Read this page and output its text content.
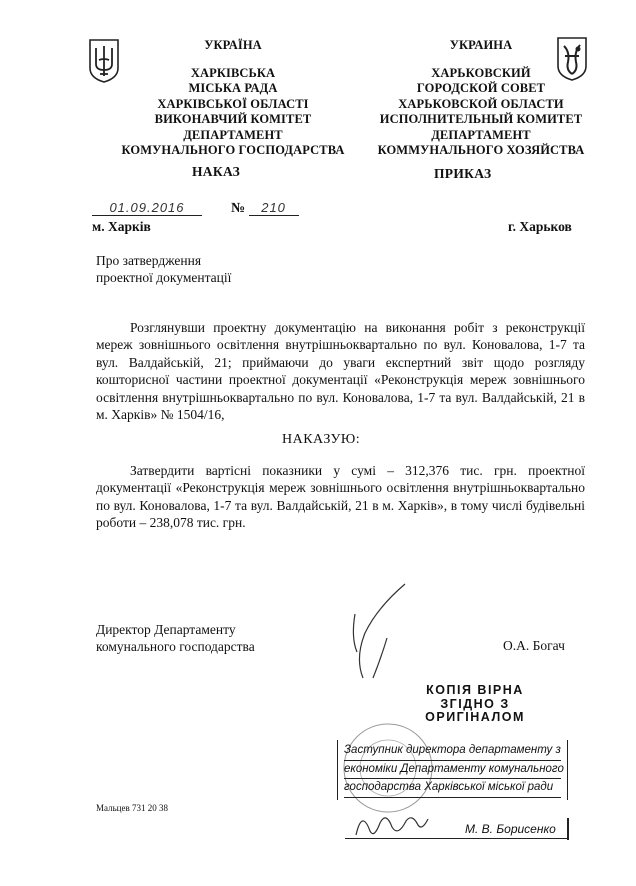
УКРАЇНА
ХАРКІВСЬКА
МІСЬКА РАДА
ХАРКІВСЬКОЇ ОБЛАСТІ
ВИКОНАВЧИЙ КОМІТЕТ
ДЕПАРТАМЕНТ
КОМУНАЛЬНОГО ГОСПОДАРСТВА
УКРАИНА
ХАРЬКОВСКИЙ
ГОРОДСКОЙ СОВЕТ
ХАРЬКОВСКОЙ ОБЛАСТИ
ИСПОЛНИТЕЛЬНЫЙ КОМИТЕТ
ДЕПАРТАМЕНТ
КОММУНАЛЬНОГО ХОЗЯЙСТВА
НАКАЗ	ПРИКАЗ
01.09.2016	№ 210
м. Харків	г. Харьков
Про затвердження
проектної документації
Розглянувши проектну документацію на виконання робіт з реконструкції мереж зовнішнього освітлення внутрішньоквартально по вул. Коновалова, 1-7 та вул. Валдайській, 21; приймаючи до уваги експертний звіт щодо розгляду кошторисної частини проектної документації «Реконструкція мереж зовнішнього освітлення внутрішньоквартально по вул. Коновалова, 1-7 та вул. Валдайській, 21 в м. Харків» № 1504/16,
НАКАЗУЮ:
Затвердити вартісні показники у сумі – 312,376 тис. грн. проектної документації «Реконструкція мереж зовнішнього освітлення внутрішньоквартально по вул. Коновалова, 1-7 та вул. Валдайській, 21 в м. Харків», в тому числі будівельні роботи – 238,078 тис. грн.
Директор Департаменту
комунального господарства	О.А. Богач
КОПІЯ ВІРНА
ЗГІДНО З
ОРИГІНАЛОМ
Заступник директора департаменту з
економіки Департаменту комунального
господарства Харківської міської ради
М. В. Борисенко
Мальцев 731 20 38
